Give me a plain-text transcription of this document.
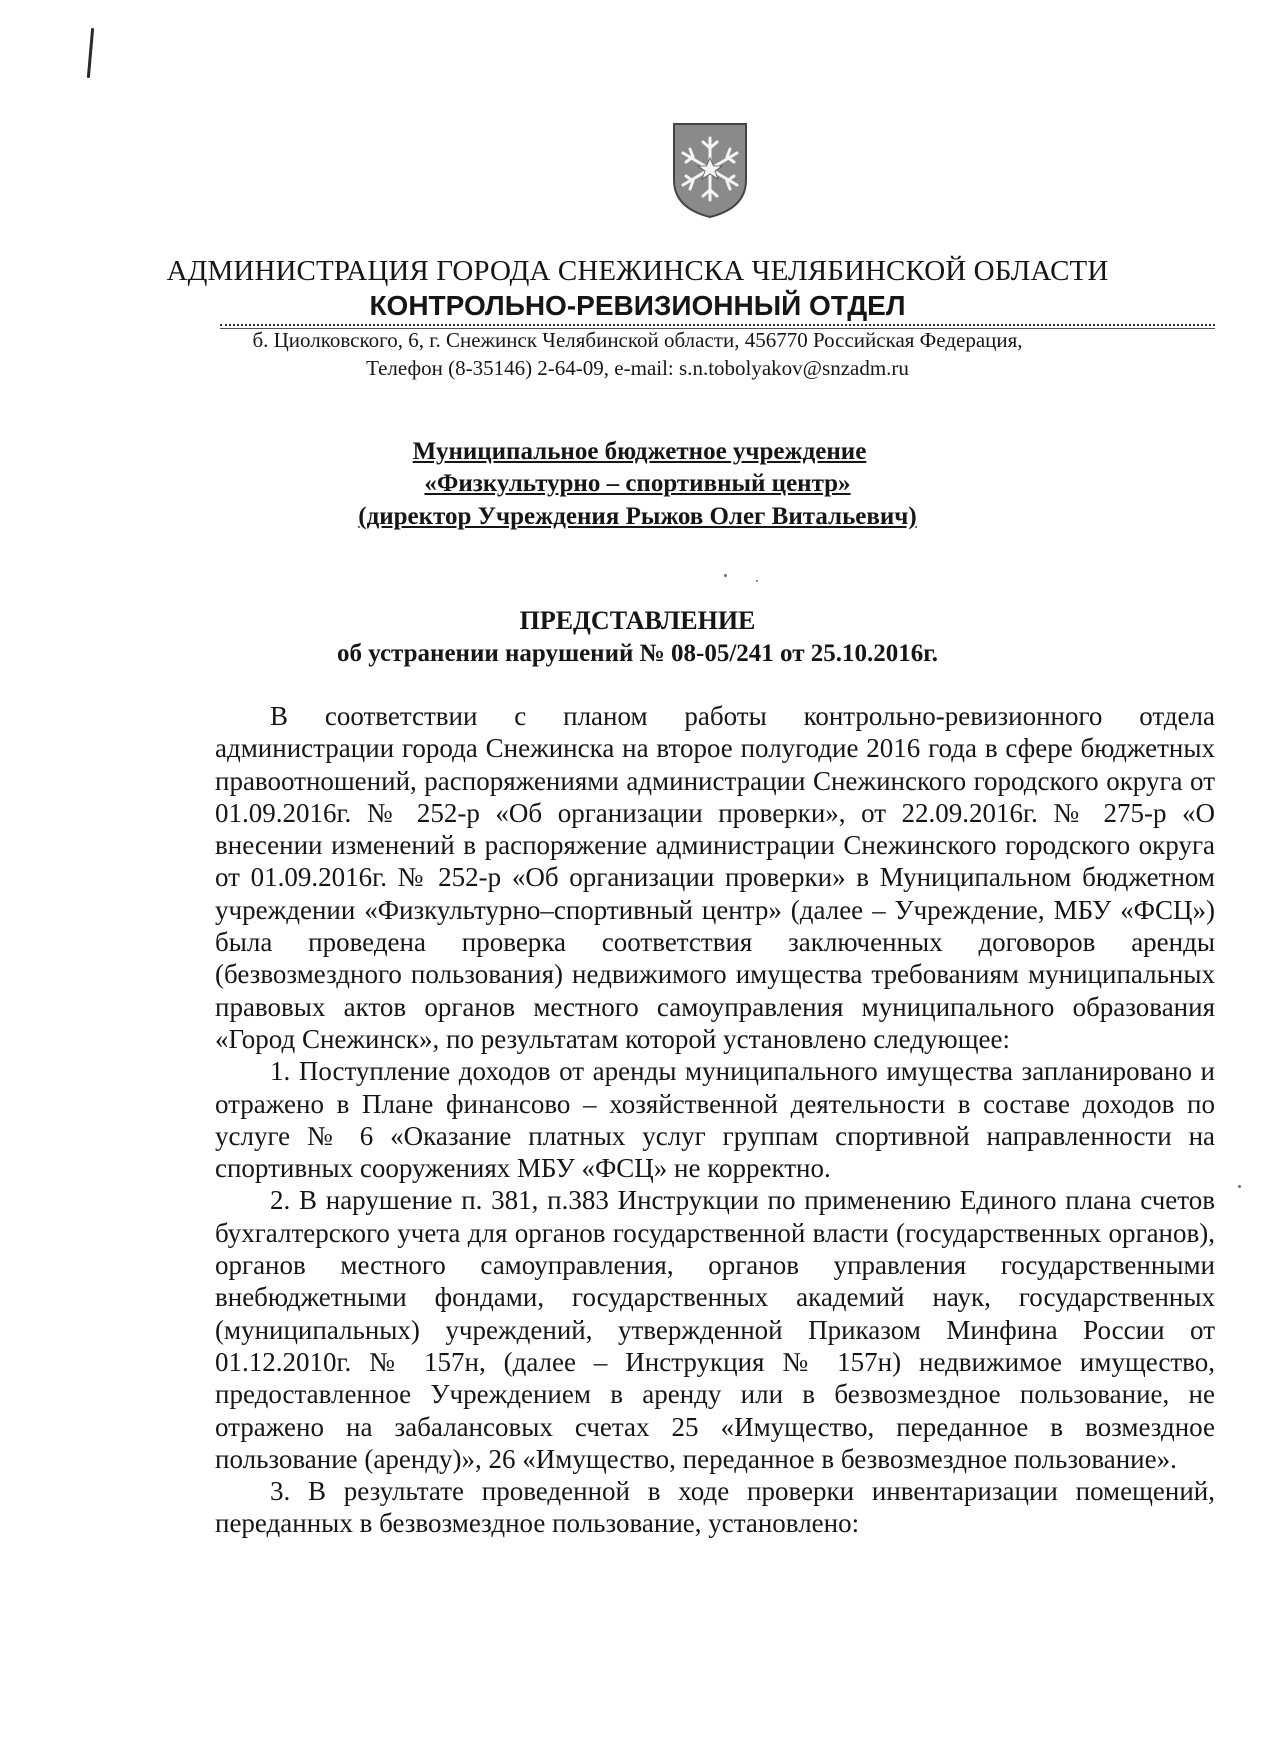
АДМИНИСТРАЦИЯ ГОРОДА СНЕЖИНСКА ЧЕЛЯБИНСКОЙ ОБЛАСТИ
КОНТРОЛЬНО-РЕВИЗИОННЫЙ ОТДЕЛ
б. Циолковского, 6, г. Снежинск Челябинской области, 456770 Российская Федерация,
Телефон (8-35146) 2-64-09, e-mail: s.n.tobolyakov@snzadm.ru
Муниципальное бюджетное учреждение
«Физкультурно – спортивный центр»
(директор Учреждения Рыжов Олег Витальевич)
ПРЕДСТАВЛЕНИЕ
об устранении нарушений № 08-05/241 от 25.10.2016г.

В соответствии с планом работы контрольно-ревизионного отдела администрации города Снежинска на второе полугодие 2016 года в сфере бюджетных правоотношений, распоряжениями администрации Снежинского городского округа от 01.09.2016г. № 252-р «Об организации проверки», от 22.09.2016г. № 275-р «О внесении изменений в распоряжение администрации Снежинского городского округа от 01.09.2016г. № 252-р «Об организации проверки» в Муниципальном бюджетном учреждении «Физкультурно–спортивный центр» (далее – Учреждение, МБУ «ФСЦ») была проведена проверка соответствия заключенных договоров аренды (безвозмездного пользования) недвижимого имущества требованиям муниципальных правовых актов органов местного самоуправления муниципального образования «Город Снежинск», по результатам которой установлено следующее:

1. Поступление доходов от аренды муниципального имущества запланировано и отражено в Плане финансово – хозяйственной деятельности в составе доходов по услуге № 6 «Оказание платных услуг группам спортивной направленности на спортивных сооружениях МБУ «ФСЦ» не корректно.

2. В нарушение п. 381, п.383 Инструкции по применению Единого плана счетов бухгалтерского учета для органов государственной власти (государственных органов), органов местного самоуправления, органов управления государственными внебюджетными фондами, государственных академий наук, государственных (муниципальных) учреждений, утвержденной Приказом Минфина России от 01.12.2010г. № 157н, (далее – Инструкция № 157н) недвижимое имущество, предоставленное Учреждением в аренду или в безвозмездное пользование, не отражено на забалансовых счетах 25 «Имущество, переданное в возмездное пользование (аренду)», 26 «Имущество, переданное в безвозмездное пользование».

3. В результате проведенной в ходе проверки инвентаризации помещений, переданных в безвозмездное пользование, установлено:
